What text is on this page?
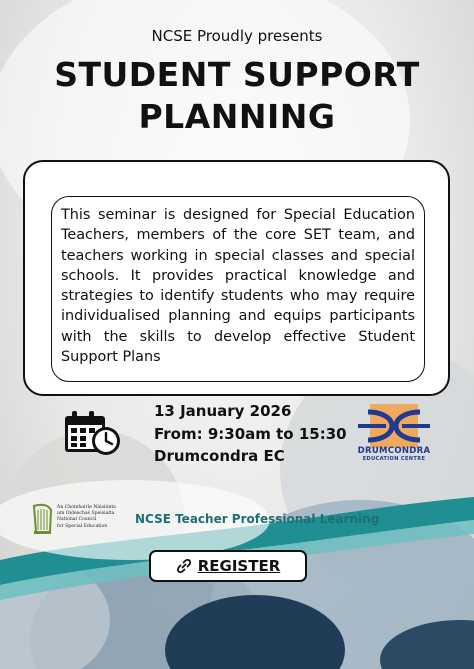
NCSE Proudly presents
STUDENT SUPPORT
PLANNING

This seminar is designed for Special Education Teachers, members of the core SET team, and teachers working in special classes and special schools. It provides practical knowledge and strategies to identify students who may require individualised planning and equips participants with the skills to develop effective Student Support Plans

13 January 2026
From: 9:30am to 15:30
Drumcondra EC	DRUMCONDRA
EDUCATION CENTRE
An Chomhairle Náisiúnta
um Oideachas Speisialta
National Council
for Special Education
NCSE Teacher Professional Learning
REGISTER
